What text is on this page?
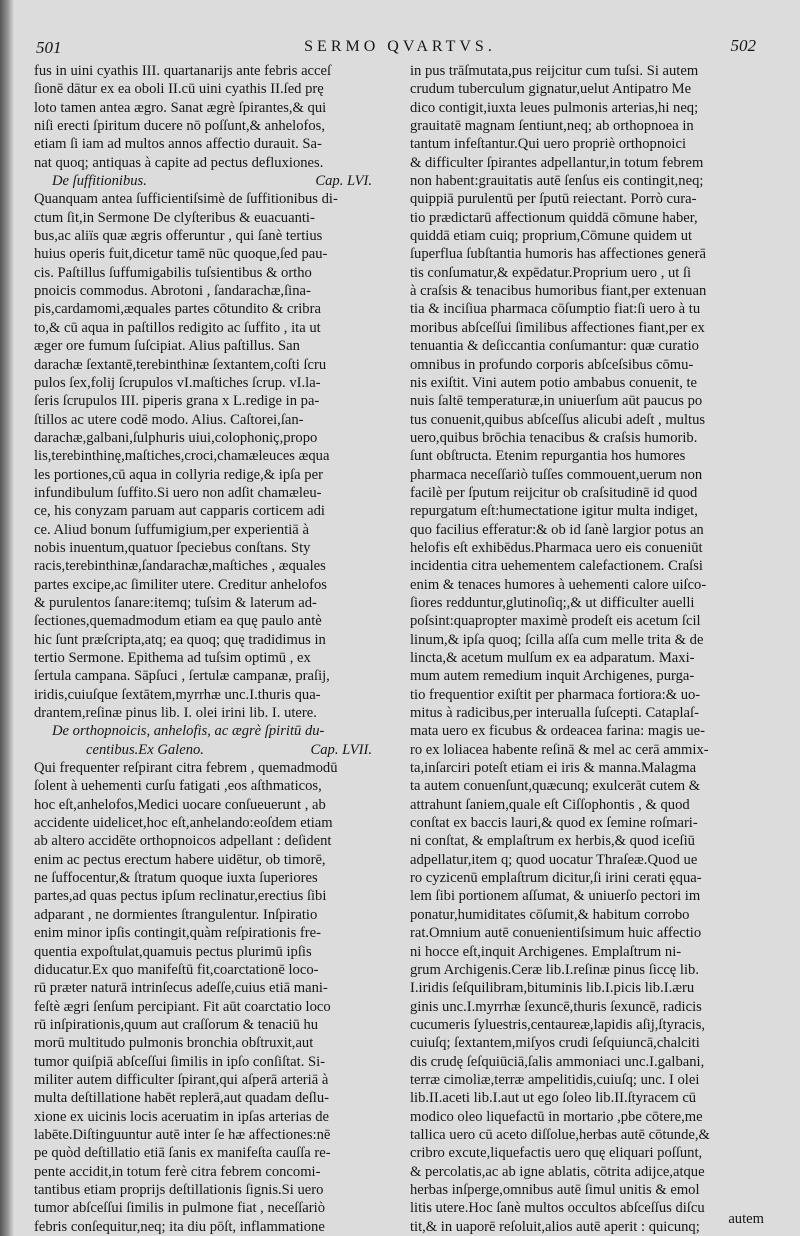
501	SERMO QVARTVS.	502
fus in uini cyathis III. quartanarijs ante febris acceſ
ſionē dātur ex ea oboli II.cū uini cyathis II.ſed prę
loto tamen antea ægro. Sanat ægrè ſpirantes,& qui
niſi erecti ſpiritum ducere nō poſſunt,& anhelofos,
etiam ſi iam ad multos annos affectio durauit. Sa-
nat quoq; antiquas à capite ad pectus defluxiones.
De ſuffitionibus.	Cap. LVI.
Quanquam antea ſufficientiſsimè de ſuffitionibus di-
ctum ſit,in Sermone De clyſteribus & euacuanti-
bus,ac aliïs quæ ægris offeruntur , qui ſanè tertius
huius operis fuit,dicetur tamē nūc quoque,ſed pau-
cis. Paſtillus ſuffumigabilis tuſsientibus & ortho
pnoicis commodus. Abrotoni , ſandarachæ,ſina-
pis,cardamomi,æquales partes cōtundito & cribra
to,& cū aqua in paſtillos redigito ac ſuffito , ita ut
æger ore fumum ſuſcipiat. Alius paſtillus. San
darachæ ſextantē,terebinthinæ ſextantem,coſti ſcru
pulos ſex,folij ſcrupulos vI.maſtiches ſcrup. vI.la-
ſeris ſcrupulos III. piperis grana x L.redige in pa-
ſtillos ac utere codē modo. Alius. Caſtorei,ſan-
darachæ,galbani,ſulphuris uiui,colophoniç,propo
lis,terebinthinę,maſtiches,croci,chamæleuces æqua
les portiones,cū aqua in collyria redige,& ipſa per
infundibulum ſuffito.Si uero non adſit chamæleu-
ce, his conyzam paruam aut capparis corticem adi
ce. Aliud bonum ſuffumigium,per experientiā à
nobis inuentum,quatuor ſpeciebus conſtans. Sty
racis,terebinthinæ,ſandarachæ,maſtiches , æquales
partes excipe,ac ſimiliter utere. Creditur anhelofos
& purulentos ſanare:itemq; tuſsim & laterum ad-
ſectiones,quemadmodum etiam ea quę paulo antè
hic ſunt præſcripta,atq; ea quoq; quę tradidimus in
tertio Sermone. Epithema ad tuſsim optimū , ex
ſertula campana. Sāpſuci , ſertulæ campanæ, praſij,
iridis,cuiuſque ſextātem,myrrhæ unc.I.thuris qua-
drantem,reſinæ pinus lib. I. olei irini lib. I. utere.
De orthopnoicis, anhelofis, ac ægrè ſpiritū du-
centibus.Ex Galeno.	Cap. LVII.
Qui frequenter reſpirant citra febrem , quemadmodū
ſolent à uehementi curſu fatigati ,eos aſthmaticos,
hoc eſt,anhelofos,Medici uocare conſueuerunt , ab
accidente uidelicet,hoc eſt,anhelando:eoſdem etiam
ab altero accidēte orthopnoicos adpellant : deſident
enim ac pectus erectum habere uidētur, ob timorē,
ne ſuffocentur,& ſtratum quoque iuxta ſuperiores
partes,ad quas pectus ipſum reclinatur,erectius ſibi
adparant , ne dormientes ſtrangulentur. Inſpiratio
enim minor ipſis contingit,quàm reſpirationis fre-
quentia expoſtulat,quamuis pectus plurimū ipſis
diducatur.Ex quo manifeſtū fit,coarctationē loco-
rū præter naturā intrinſecus adeſſe,cuius etiā mani-
feſtè ægri ſenſum percipiant. Fit aūt coarctatio loco
rū inſpirationis,quum aut craſſorum & tenaciū hu
morū multitudo pulmonis bronchia obſtruxit,aut
tumor quiſpiā abſceſſui ſimilis in ipſo conſiſtat. Si-
militer autem difficulter ſpirant,qui aſperā arteriā à
multa deſtillatione habēt replerā,aut quadam deſlu-
xione ex uicinis locis aceruatim in ipſas arterias de
labēte.Diſtinguuntur autē inter ſe hæ affectiones:nē
pe quòd deſtillatio etiā ſanis ex manifeſta cauſſa re-
pente accidit,in totum ferè citra febrem concomi-
tantibus etiam proprijs deſtillationis ſignis.Si uero
tumor abſceſſui ſimilis in pulmone fiat , neceſſariò
febris conſequitur,neq; ita diu pōſt, inflammatione
in pus trāſmutata,pus reijcitur cum tuſsi. Si autem
crudum tuberculum gignatur,uelut Antipatro Me
dico contigit,iuxta leues pulmonis arterias,hi neq;
grauitatē magnam ſentiunt,neq; ab orthopnoea in
tantum infeſtantur.Qui uero propriè orthopnoici
& difficulter ſpirantes adpellantur,in totum febrem
non habent:grauitatis autē ſenſus eis contingit,neq;
quippiā purulentū per ſputū reiectant. Porrò cura-
tio prædictarū affectionum quiddā cōmune haber,
quiddā etiam cuiq; proprium,Cōmune quidem ut
ſuperflua ſubſtantia humoris has affectiones generā
tis conſumatur,& expēdatur.Proprium uero , ut ſi
à craſsis & tenacibus humoribus fiant,per extenuan
tia & inciſiua pharmaca cōſumptio fiat:ſi uero à tu
moribus abſceſſui ſimilibus affectiones fiant,per ex
tenuantia & deſiccantia conſumantur: quæ curatio
omnibus in profundo corporis abſceſsibus cōmu-
nis exiſtit. Vini autem potio ambabus conuenit, te
nuis ſaltē temperaturæ,in uniuerſum aūt paucus po
tus conuenit,quibus abſceſſus alicubi adeſt , multus
uero,quibus brōchia tenacibus & craſsis humorib.
ſunt obſtructa. Etenim repurgantia hos humores
pharmaca neceſſariò tuſſes commouent,uerum non
facilè per ſputum reijcitur ob craſsitudinē id quod
repurgatum eſt:humectatione igitur multa indiget,
quo facilius efferatur:& ob id ſanè largior potus an
helofis eſt exhibēdus.Pharmaca uero eis conueniūt
incidentia citra uehementem calefactionem. Craſsi
enim & tenaces humores à uehementi calore uiſco-
ſiores redduntur,glutinoſiq;,& ut difficulter auelli
poſsint:quapropter maximè prodeſt eis acetum ſcil
linum,& ipſa quoq; ſcilla aſſa cum melle trita & de
lincta,& acetum mulſum ex ea adparatum. Maxi-
mum autem remedium inquit Archigenes, purga-
tio frequentior exiſtit per pharmaca fortiora:& uo-
mitus à radicibus,per interualla ſuſcepti. Cataplaſ-
mata uero ex ficubus & ordeacea farina: magis ue-
ro ex loliacea habente reſinā & mel ac cerā ammix-
ta,inſarciri poteſt etiam ei iris & manna.Malagma
ta autem conuenſunt,quæcunq; exulcerāt cutem &
attrahunt ſaniem,quale eſt Ciſſophontis , & quod
conſtat ex baccis lauri,& quod ex ſemine roſmari-
ni conſtat, & emplaſtrum ex herbis,& quod iceſiū
adpellatur,item q; quod uocatur Thraſeæ.Quod ue
ro cyzicenū emplaſtrum dicitur,ſi irini cerati ęqua-
lem ſibi portionem aſſumat, & uniuerſo pectori im
ponatur,humiditates cōſumit,& habitum corrobo
rat.Omnium autē conuenientiſsimum huic affectio
ni hocce eſt,inquit Archigenes. Emplaſtrum ni-
grum Archigenis.Ceræ lib.I.reſinæ pinus ſiccę lib.
I.iridis ſeſquilibram,bituminis lib.I.picis lib.I.æru
ginis unc.I.myrrhæ ſexuncē,thuris ſexuncē, radicis
cucumeris ſyluestris,centaureæ,lapidis aſij,ſtyracis,
cuiuſq; ſextantem,miſyos crudi ſeſquiuncā,chalciti
dis crudę ſeſquiūciā,ſalis ammoniaci unc.I.galbani,
terræ cimoliæ,terræ ampelitidis,cuiuſq; unc. I olei
lib.II.aceti lib.I.aut ut ego ſoleo lib.II.ſtyracem cū
modico oleo liquefactū in mortario ,pbe cōtere,me
tallica uero cū aceto diſſolue,herbas autē cōtunde,&
cribro excute,liquefactis uero quę eliquari poſſunt,
& percolatis,ac ab igne ablatis, cōtrita adijce,atque
herbas inſperge,omnibus autē ſimul unitis & emol
litis utere.Hoc ſanè multos occultos abſceſſus diſcu
tit,& in uaporē reſoluit,alios autē aperit : quicunq;	autem
